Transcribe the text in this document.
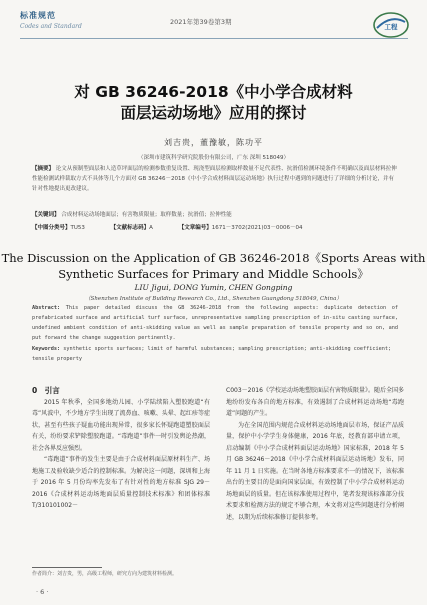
标准规范
Codes and Standard
2021年第39卷第3期
工程
对 GB 36246-2018《中小学合成材料
面层运动场地》应用的探讨
刘吉贵，董豫敏，陈功平
（深圳市建筑科学研究院股份有限公司，广东 深圳 518049）
【摘要】 论文从预制型面层和人造草坪面层的检测参数重复设置、现浇型面层检测取样数量不足代表性、抗滑值检测环境条件不明确以及面层材料拉伸性能检测试样裁取方式不具体等几个方面对 GB 36246－2018《中小学合成材料面层运动场地》执行过程中遇到的问题进行了详细的分析讨论，并有针对性地提出更改建议。
【关键词】 合成材料运动场地面层；有害物质限量；取样数量；抗滑值；拉伸性能
【中图分类号】TU53	【文献标志码】A	【文章编号】1671－3702(2021)03－0006－04
The Discussion on the Application of GB 36246-2018《Sports Areas with
Synthetic Surfaces for Primary and Middle Schools》
LIU Jigui, DONG Yumin, CHEN Gongping
（Shenzhen Institute of Building Research Co., Ltd., Shenzhen Guangdong 518049, China）
Abstract: This paper detailed discuss the GB 36246-2018 from the following aspects: duplicate detection of prefabricated surface and artificial turf surface, unrepresentative sampling prescription of in-situ casting surface, undefined ambient condition of anti-skidding value as well as sample preparation of tensile property and so on, and put forward the change suggestion pertinently.
Keywords: synthetic sports surfaces; limit of harmful substances; sampling prescription; anti-skidding coefficient; tensile property

0　引言

2015 年秋季，全国多地幼儿园、小学陆续陷入塑胶跑道“有毒”风波中，不少地方学生出现了流鼻血、咳嗽、头晕、起红疹等症状，甚至有些孩子疑血功能出现异常，很多家长怀疑跑道塑胶面层有关，纷纷要求铲除塑胶跑道。“毒跑道”事件一时引发舆论热潮，社会各界反应强烈。

“毒跑道”事件的发生主要是由于合成材料面层原材料生产、场地施工及验收缺少适合的控制标准。为解决这一问题，深圳和上海于 2016 年 5 月份均率先发布了有针对性的地方标准 SJG 29－2016《合成材料运动场地面层质量控制技术标准》和团体标准 T/310101002－

C003－2016《学校运动场地塑胶面层有害物质限量》。随后全国多地纷纷发布各自的地方标准，有效遏制了合成材料运动场地“毒跑道”问题的产生。

为在全国范围内规范合成材料运动场地面层市场，保证产品质量，保护中小学学生身体健康，2016 年底，经教育部申请立项，启动编制《中小学合成材料面层运动场地》国家标准，2018 年 5 月 GB 36246－2018《中小学合成材料面层运动场地》发布，同年 11 月 1 日实施。在当时各地方标准要求不一的情况下，该标准出台的主要目的是面向国家层面，有效控制了中小学合成材料运动场地面层的质量。但在该标准使用过程中，笔者发现该标准部分技术要求和检测方法的规定不够合理，本文将对这些问题进行分析阐述，以期为后续标准修订提供参考。

作者简介：刘吉贵，男，高级工程师，研究方向为建筑材料检测。
· 6 ·
